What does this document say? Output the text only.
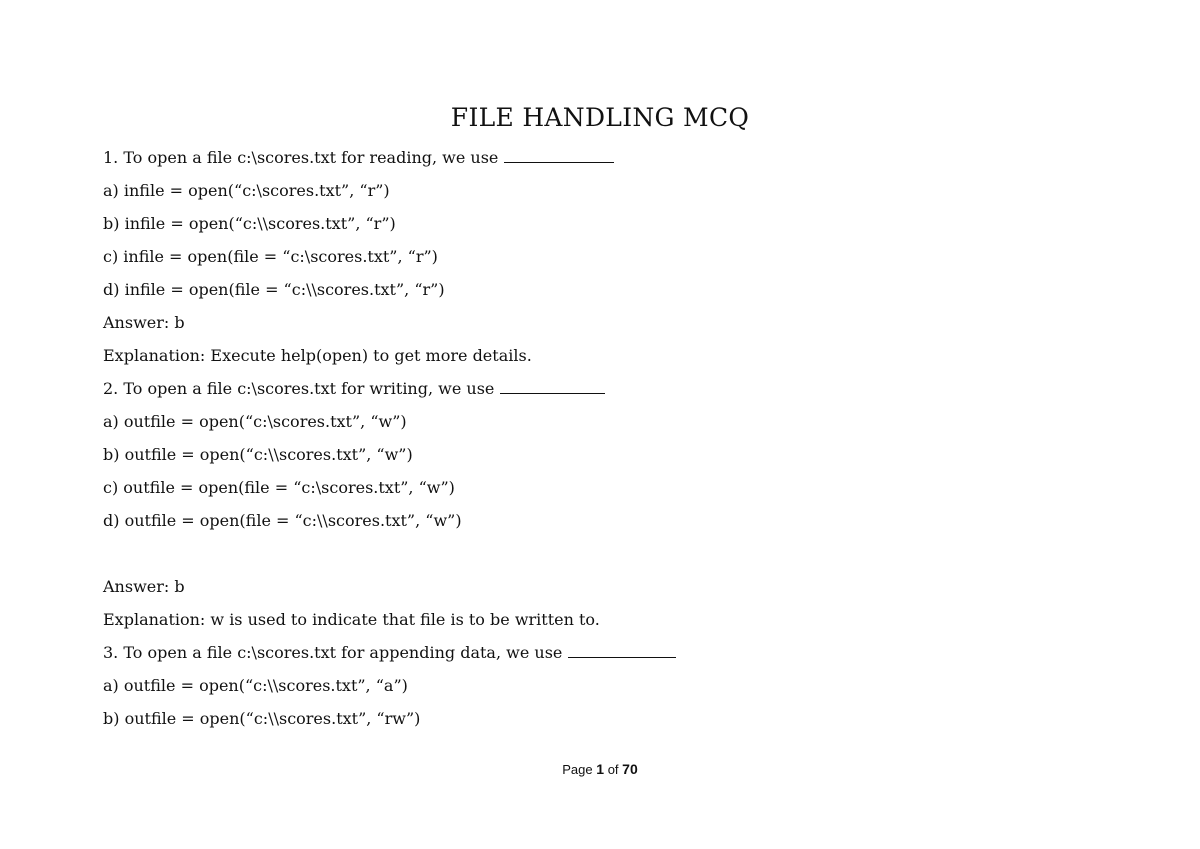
FILE HANDLING MCQ
1. To open a file c:\scores.txt for reading, we use
a) infile = open(“c:\scores.txt”, “r”)
b) infile = open(“c:\\scores.txt”, “r”)
c) infile = open(file = “c:\scores.txt”, “r”)
d) infile = open(file = “c:\\scores.txt”, “r”)
Answer: b
Explanation: Execute help(open) to get more details.
2. To open a file c:\scores.txt for writing, we use
a) outfile = open(“c:\scores.txt”, “w”)
b) outfile = open(“c:\\scores.txt”, “w”)
c) outfile = open(file = “c:\scores.txt”, “w”)
d) outfile = open(file = “c:\\scores.txt”, “w”)
Answer: b
Explanation: w is used to indicate that file is to be written to.
3. To open a file c:\scores.txt for appending data, we use
a) outfile = open(“c:\\scores.txt”, “a”)
b) outfile = open(“c:\\scores.txt”, “rw”)
Page 1 of 70
